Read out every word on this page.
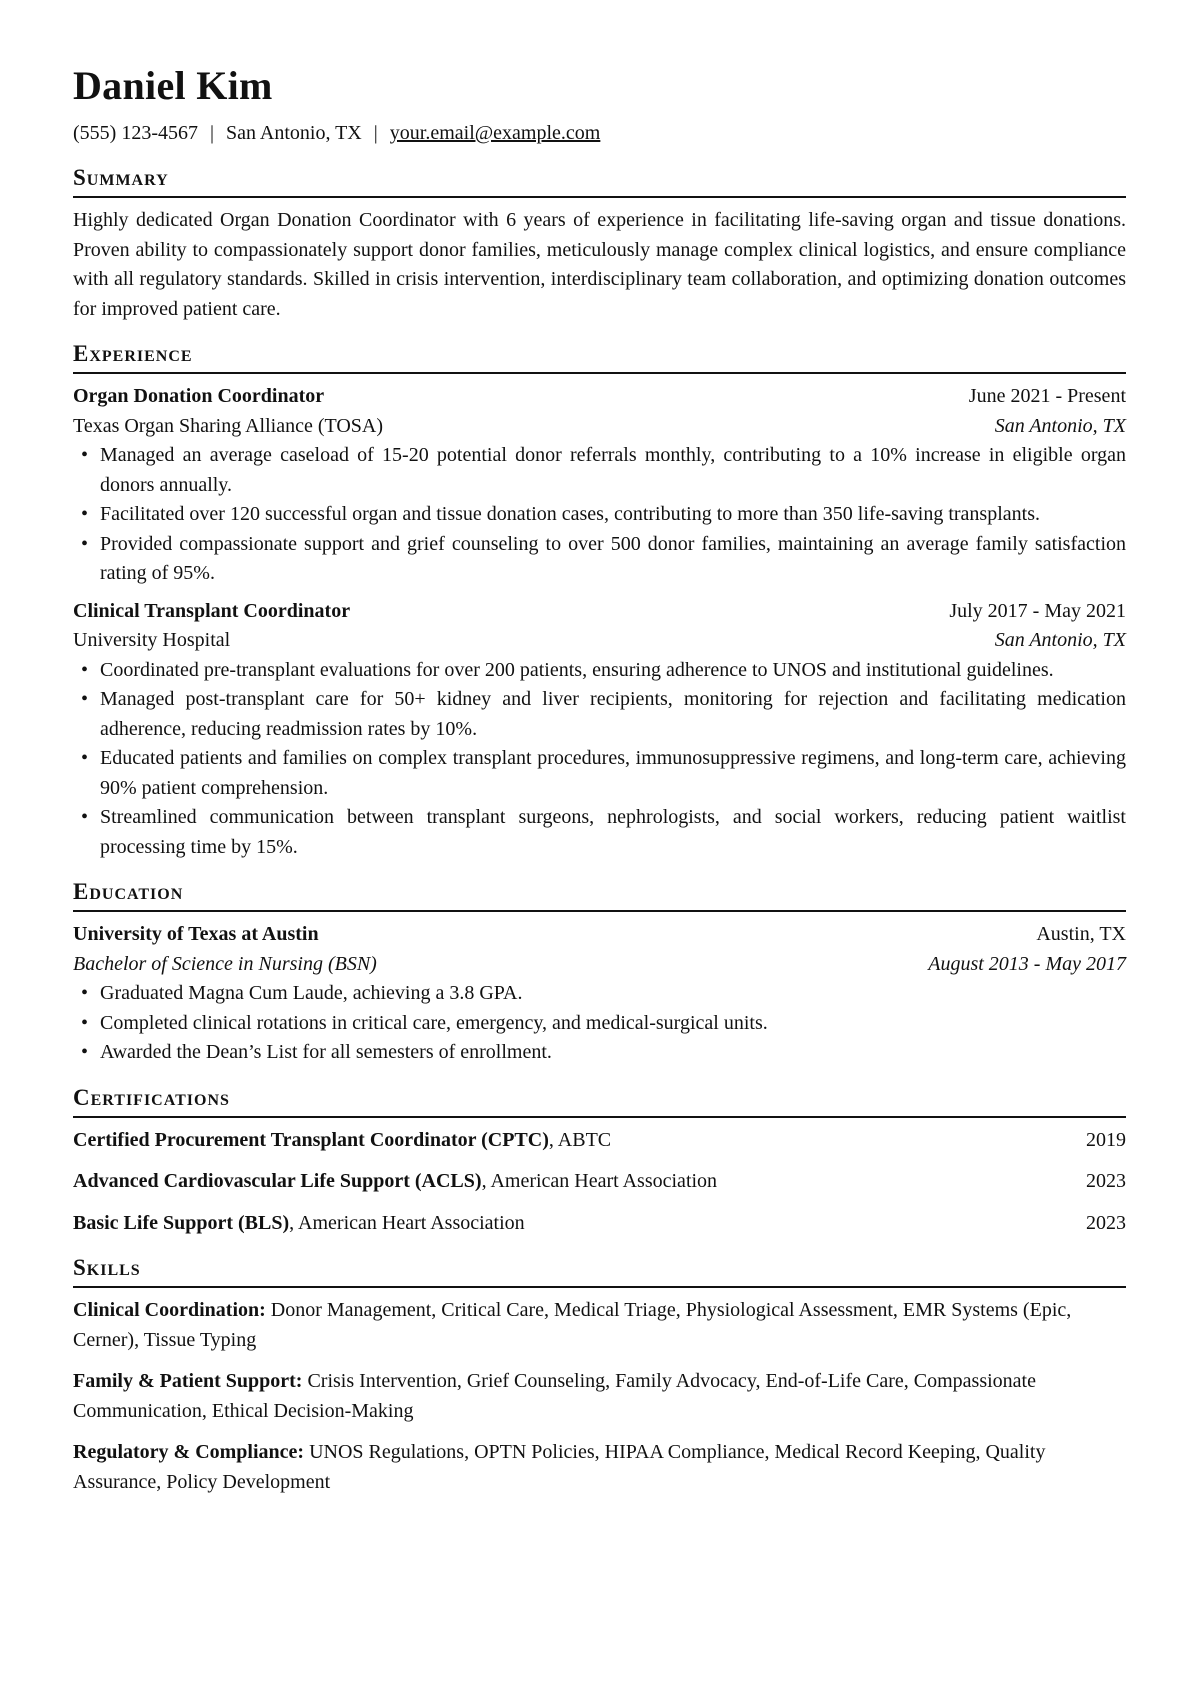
Daniel Kim
(555) 123-4567 | San Antonio, TX | your.email@example.com
Summary

Highly dedicated Organ Donation Coordinator with 6 years of experience in facilitating life-saving organ and tissue donations. Proven ability to compassionately support donor families, meticulously manage complex clinical logistics, and ensure compliance with all regulatory standards. Skilled in crisis intervention, interdisciplinary team collaboration, and optimizing donation outcomes for improved patient care.

Experience
Organ Donation Coordinator	June 2021 - Present
Texas Organ Sharing Alliance (TOSA)	San Antonio, TX
• Managed an average caseload of 15-20 potential donor referrals monthly, contributing to a 10% increase in eligible organ donors annually.
• Facilitated over 120 successful organ and tissue donation cases, contributing to more than 350 life-saving transplants.
• Provided compassionate support and grief counseling to over 500 donor families, maintaining an average family satisfaction rating of 95%.
Clinical Transplant Coordinator	July 2017 - May 2021
University Hospital	San Antonio, TX
• Coordinated pre-transplant evaluations for over 200 patients, ensuring adherence to UNOS and institutional guidelines.
• Managed post-transplant care for 50+ kidney and liver recipients, monitoring for rejection and facilitating medication adherence, reducing readmission rates by 10%.
• Educated patients and families on complex transplant procedures, immunosuppressive regimens, and long-term care, achieving 90% patient comprehension.
• Streamlined communication between transplant surgeons, nephrologists, and social workers, reducing patient waitlist processing time by 15%.
Education
University of Texas at Austin	Austin, TX
Bachelor of Science in Nursing (BSN)	August 2013 - May 2017
• Graduated Magna Cum Laude, achieving a 3.8 GPA.
• Completed clinical rotations in critical care, emergency, and medical-surgical units.
• Awarded the Dean’s List for all semesters of enrollment.
Certifications
Certified Procurement Transplant Coordinator (CPTC), ABTC	2019
Advanced Cardiovascular Life Support (ACLS), American Heart Association	2023
Basic Life Support (BLS), American Heart Association	2023
Skills

Clinical Coordination: Donor Management, Critical Care, Medical Triage, Physiological Assessment, EMR Systems (Epic, Cerner), Tissue Typing

Family & Patient Support: Crisis Intervention, Grief Counseling, Family Advocacy, End-of-Life Care, Compassionate Communication, Ethical Decision-Making

Regulatory & Compliance: UNOS Regulations, OPTN Policies, HIPAA Compliance, Medical Record Keeping, Quality Assurance, Policy Development
